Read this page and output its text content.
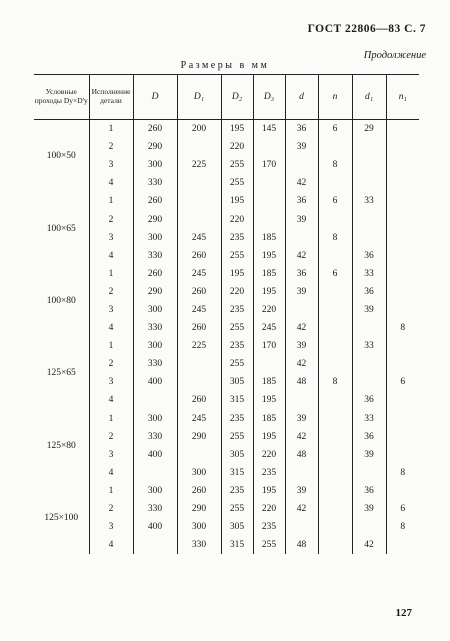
ГОСТ 22806—83 С. 7
Продолжение
Размеры в мм
Условные проходы Dу×D'у	Исполнение детали	D	D₁	D₂	D₃	d	n	d₁	n₁
100×50	1	260	200	195	145	36	6	29	
	2	290		220		39			
	3	300	225	255	170		8		
	4	330		255		42			
100×65	1	260		195		36	6	33	
	2	290		220		39			
	3	300	245	235	185		8		
	4	330	260	255	195	42		36	
100×80	1	260	245	195	185	36	6	33	
	2	290	260	220	195	39		36	
	3	300	245	235	220			39	
	4	330	260	255	245	42			8
125×65	1	300	225	235	170	39		33	
	2	330		255		42			
	3	400		305	185	48	8		6
	4		260	315	195			36	
125×80	1	300	245	235	185	39		33	
	2	330	290	255	195	42		36	
	3	400		305	220	48		39	
	4		300	315	235				8
125×100	1	300	260	235	195	39		36	
	2	330	290	255	220	42		39	6
	3	400	300	305	235				8
	4		330	315	255	48		42	
127
